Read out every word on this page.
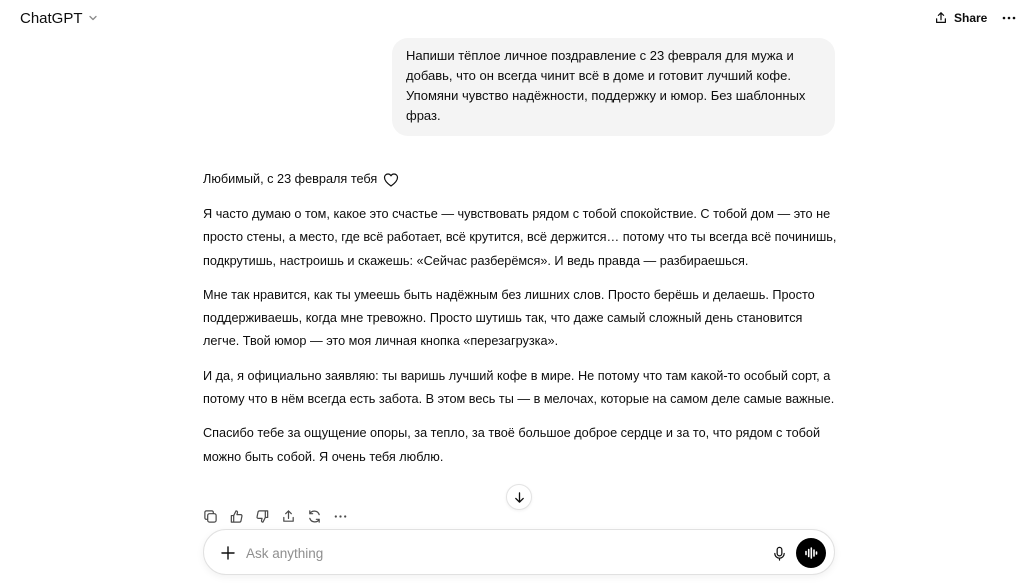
ChatGPT	Share
Напиши тёплое личное поздравление с 23 февраля для мужа и добавь, что он всегда чинит всё в доме и готовит лучший кофе. Упомяни чувство надёжности, поддержку и юмор. Без шаблонных фраз.
Любимый, с 23 февраля тебя

Я часто думаю о том, какое это счастье — чувствовать рядом с тобой спокойствие. С тобой дом — это не просто стены, а место, где всё работает, всё крутится, всё держится… потому что ты всегда всё починишь, подкрутишь, настроишь и скажешь: «Сейчас разберёмся». И ведь правда — разбираешься.

Мне так нравится, как ты умеешь быть надёжным без лишних слов. Просто берёшь и делаешь. Просто поддерживаешь, когда мне тревожно. Просто шутишь так, что даже самый сложный день становится легче. Твой юмор — это моя личная кнопка «перезагрузка».

И да, я официально заявляю: ты варишь лучший кофе в мире. Не потому что там какой-то особый сорт, а потому что в нём всегда есть забота. В этом весь ты — в мелочах, которые на самом деле самые важные.

Спасибо тебе за ощущение опоры, за тепло, за твоё большое доброе сердце и за то, что рядом с тобой можно быть собой. Я очень тебя люблю.

Ask anything
